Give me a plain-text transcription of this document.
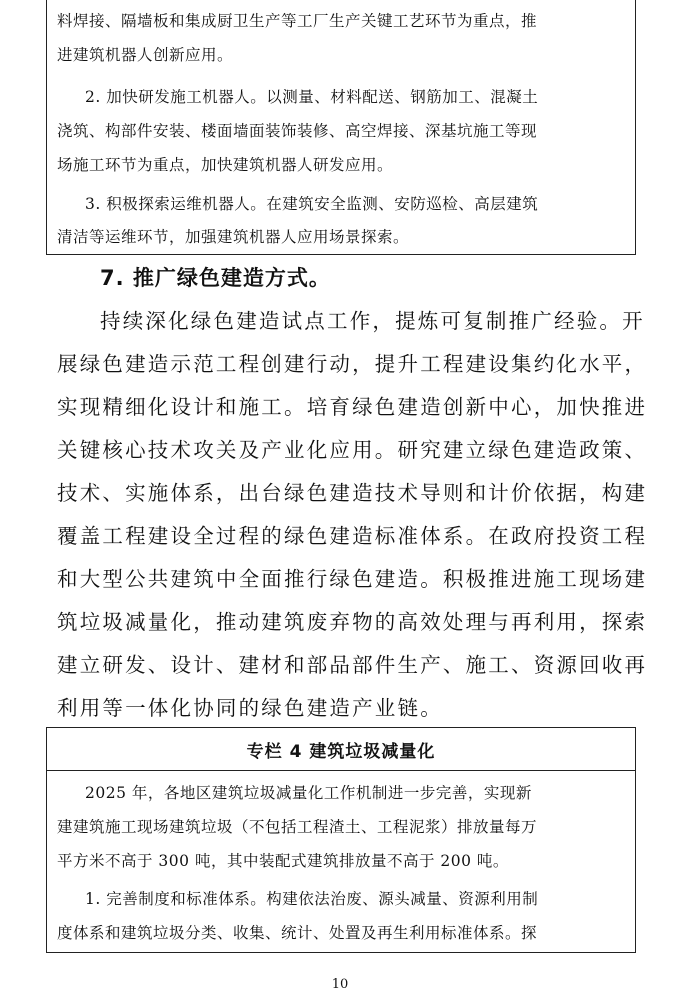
料焊接、隔墙板和集成厨卫生产等工厂生产关键工艺环节为重点，推
进建筑机器人创新应用。
2. 加快研发施工机器人。以测量、材料配送、钢筋加工、混凝土
浇筑、构部件安装、楼面墙面装饰装修、高空焊接、深基坑施工等现
场施工环节为重点，加快建筑机器人研发应用。
3. 积极探索运维机器人。在建筑安全监测、安防巡检、高层建筑
清洁等运维环节，加强建筑机器人应用场景探索。
7. 推广绿色建造方式。
持续深化绿色建造试点工作，提炼可复制推广经验。开
展绿色建造示范工程创建行动，提升工程建设集约化水平，
实现精细化设计和施工。培育绿色建造创新中心，加快推进
关键核心技术攻关及产业化应用。研究建立绿色建造政策、
技术、实施体系，出台绿色建造技术导则和计价依据，构建
覆盖工程建设全过程的绿色建造标准体系。在政府投资工程
和大型公共建筑中全面推行绿色建造。积极推进施工现场建
筑垃圾减量化，推动建筑废弃物的高效处理与再利用，探索
建立研发、设计、建材和部品部件生产、施工、资源回收再
利用等一体化协同的绿色建造产业链。
专栏 4 建筑垃圾减量化
2025 年，各地区建筑垃圾减量化工作机制进一步完善，实现新
建建筑施工现场建筑垃圾（不包括工程渣土、工程泥浆）排放量每万
平方米不高于 300 吨，其中装配式建筑排放量不高于 200 吨。
1. 完善制度和标准体系。构建依法治废、源头减量、资源利用制
度体系和建筑垃圾分类、收集、统计、处置及再生利用标准体系。探
10
